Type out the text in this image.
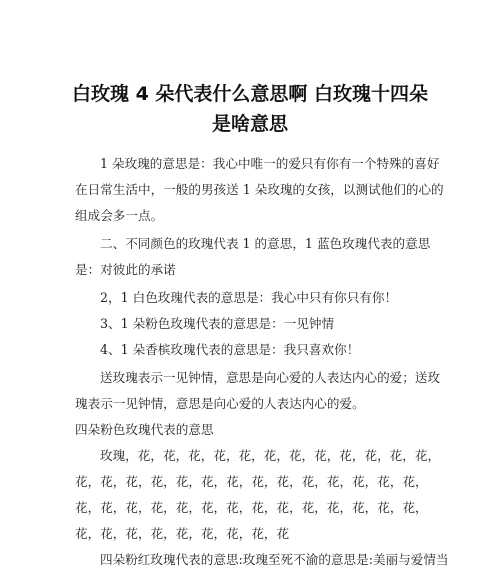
白玫瑰 4 朵代表什么意思啊 白玫瑰十四朵
是啥意思
1 朵玫瑰的意思是：我心中唯一的爱只有你有一个特殊的喜好
在日常生活中，一般的男孩送 1 朵玫瑰的女孩，以测试他们的心的
组成会多一点。
二、不同颜色的玫瑰代表 1 的意思，1 蓝色玫瑰代表的意思
是：对彼此的承诺
2，1 白色玫瑰代表的意思是：我心中只有你只有你！
3、1 朵粉色玫瑰代表的意思是：一见钟情
4、1 朵香槟玫瑰代表的意思是：我只喜欢你！
送玫瑰表示一见钟情，意思是向心爱的人表达内心的爱；送玫
瑰表示一见钟情，意思是向心爱的人表达内心的爱。
四朵粉色玫瑰代表的意思
玫瑰，花，花，花，花，花，花，花，花，花，花，花，花，
花，花，花，花，花，花，花，花，花，花，花，花，花，花，
花，花，花，花，花，花，花，花，花，花，花，花，花，花，
花，花，花，花，花，花，花，花，花
四朵粉红玫瑰代表的意思:玫瑰至死不渝的意思是:美丽与爱情当
